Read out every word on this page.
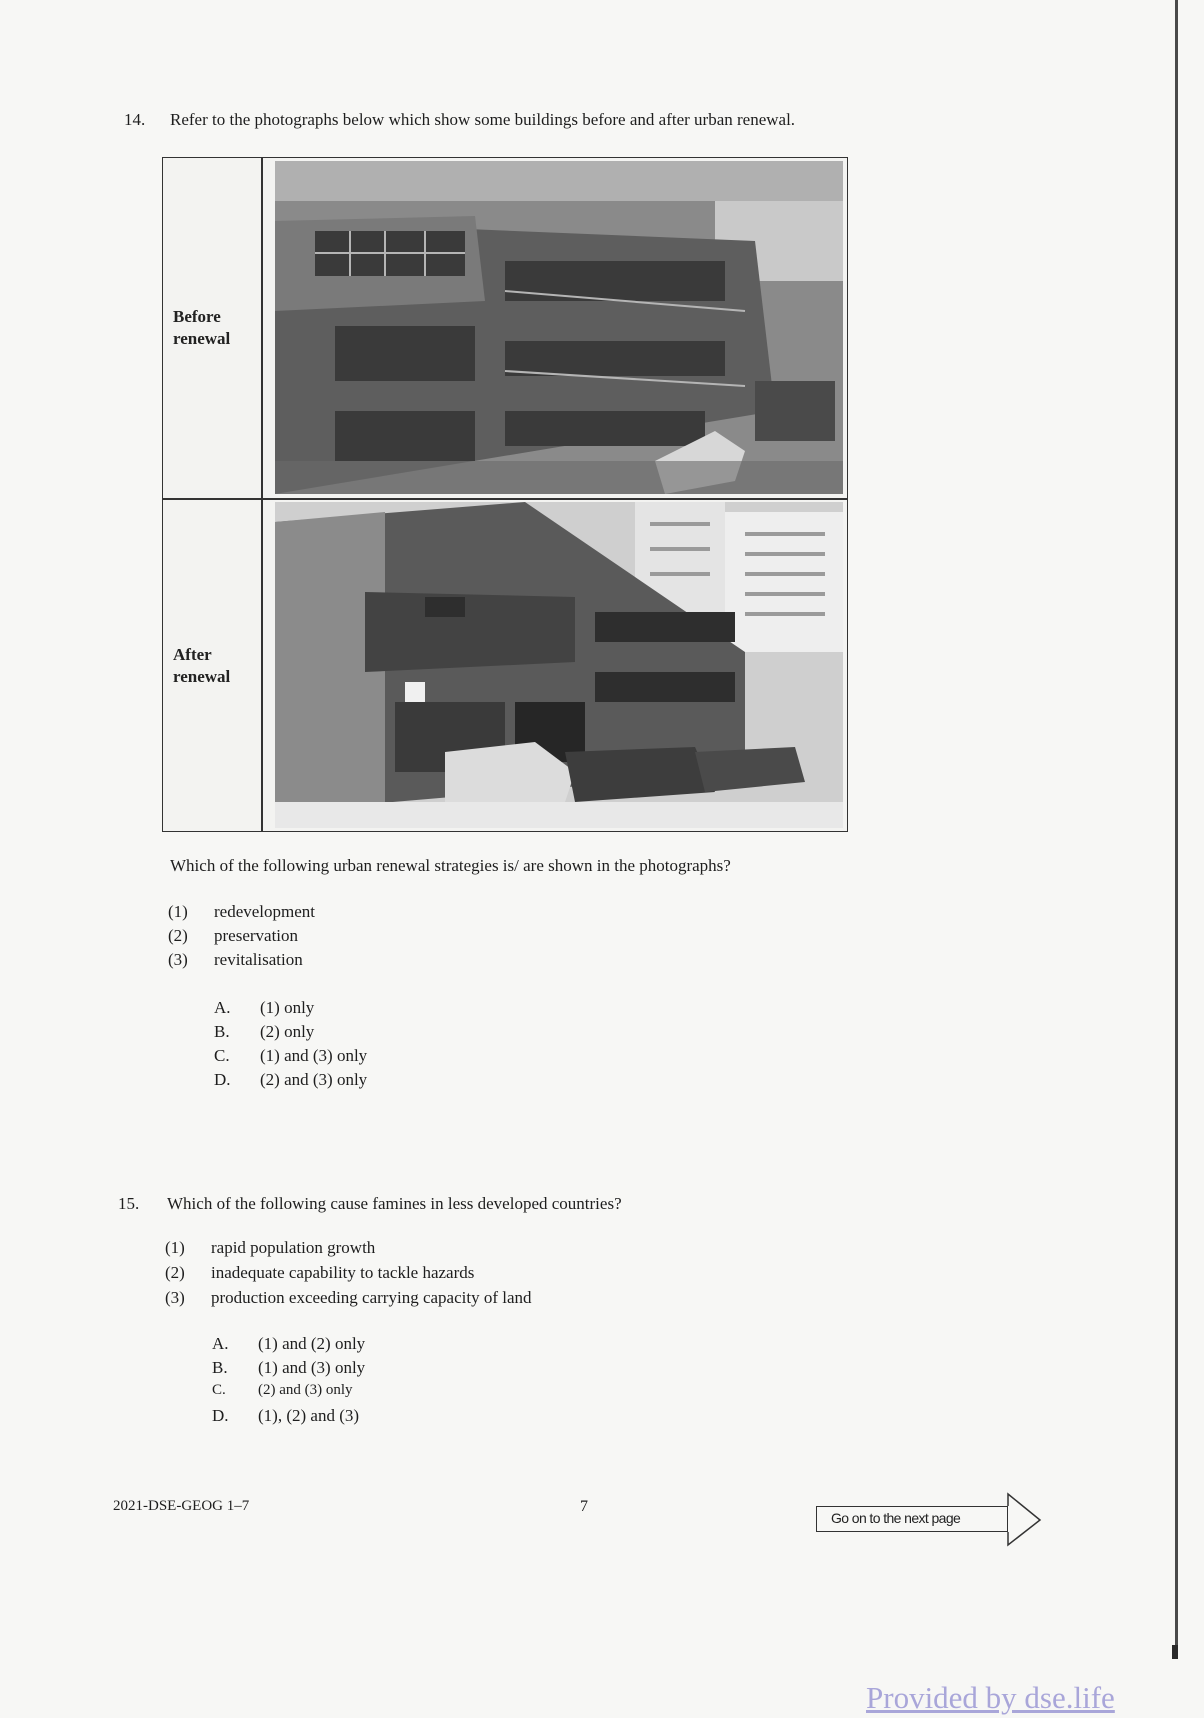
14. Refer to the photographs below which show some buildings before and after urban renewal.
Before
renewal
After
renewal
Which of the following urban renewal strategies is/ are shown in the photographs?
(1) redevelopment
(2) preservation
(3) revitalisation
A. (1) only
B. (2) only
C. (1) and (3) only
D. (2) and (3) only
15. Which of the following cause famines in less developed countries?
(1) rapid population growth
(2) inadequate capability to tackle hazards
(3) production exceeding carrying capacity of land
A. (1) and (2) only
B. (1) and (3) only
C. (2) and (3) only
D. (1), (2) and (3)
2021-DSE-GEOG 1–7	7
Go on to the next page
Provided by dse.life
